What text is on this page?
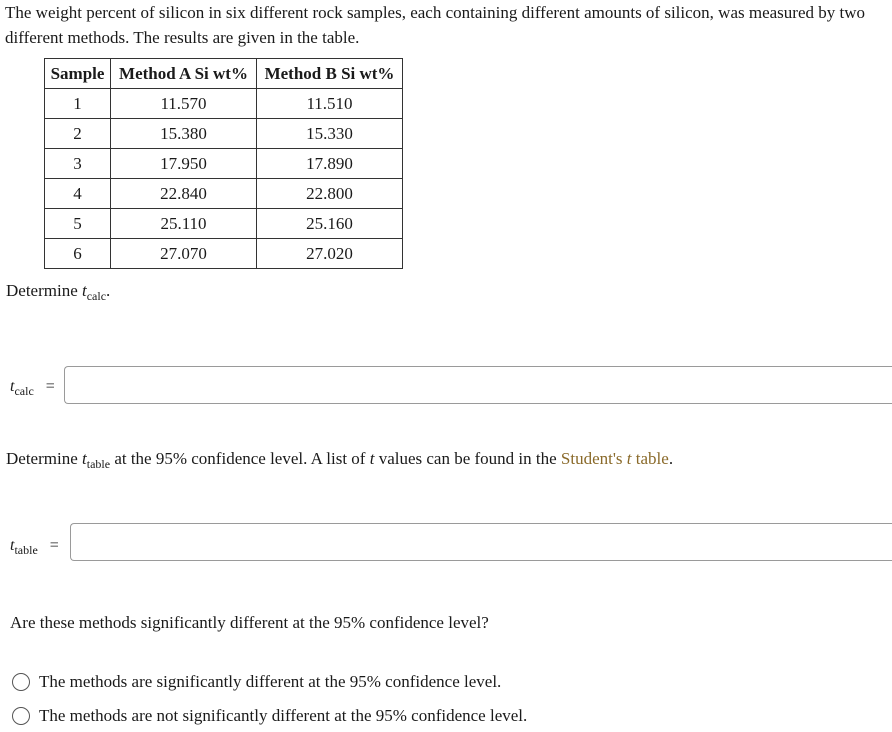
The weight percent of silicon in six different rock samples, each containing different amounts of silicon, was measured by two different methods. The results are given in the table.
Sample	Method A Si wt%	Method B Si wt%
1	11.570	11.510
2	15.380	15.330
3	17.950	17.890
4	22.840	22.800
5	25.110	25.160
6	27.070	27.020
Determine $t_{calc}$.
$t_{calc}$ =
Determine $t_{table}$ at the 95% confidence level. A list of t values can be found in the Student's t table.
$t_{table}$ =
Are these methods significantly different at the 95% confidence level?
The methods are significantly different at the 95% confidence level.
The methods are not significantly different at the 95% confidence level.
